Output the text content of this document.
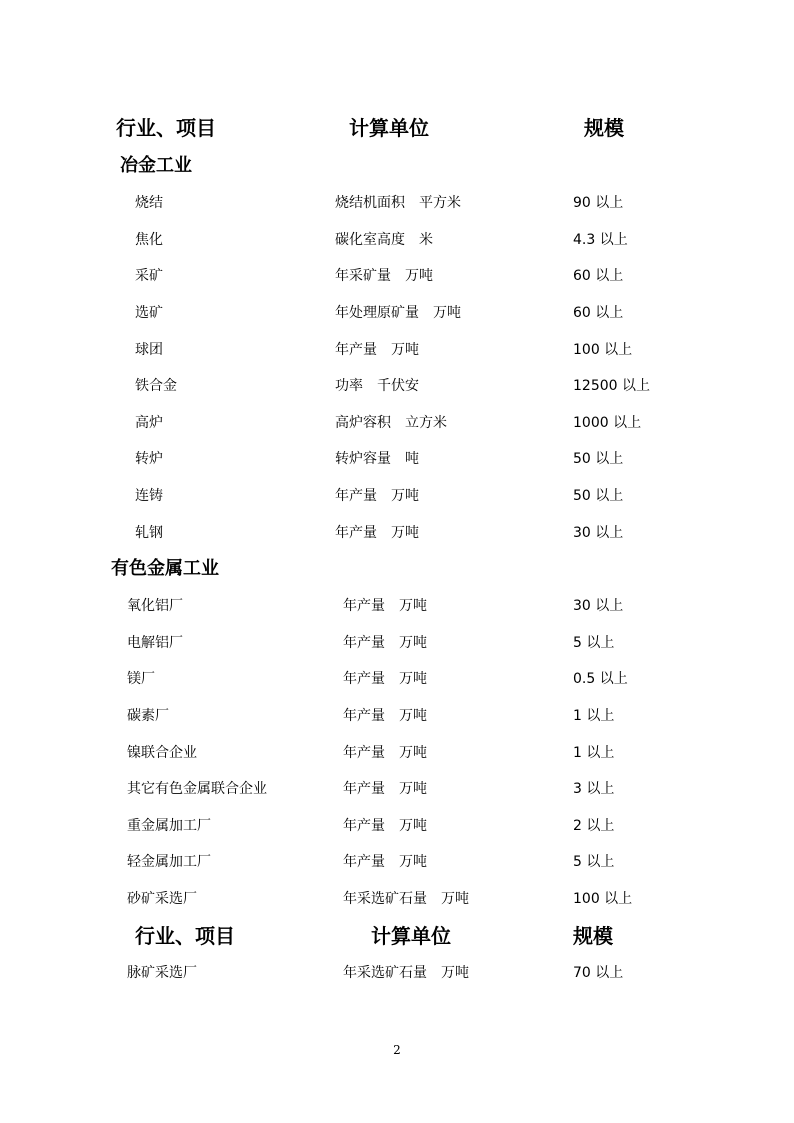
行业、项目	计算单位	规模
冶金工业
烧结	烧结机面积　平方米	90 以上
焦化	碳化室高度　米	4.3 以上
采矿	年采矿量　万吨	60 以上
选矿	年处理原矿量　万吨	60 以上
球团	年产量　万吨	100 以上
铁合金	功率　千伏安	12500 以上
高炉	高炉容积　立方米	1000 以上
转炉	转炉容量　吨	50 以上
连铸	年产量　万吨	50 以上
轧钢	年产量　万吨	30 以上
有色金属工业
氧化铝厂	年产量　万吨	30 以上
电解铝厂	年产量　万吨	5 以上
镁厂	年产量　万吨	0.5 以上
碳素厂	年产量　万吨	1 以上
镍联合企业	年产量　万吨	1 以上
其它有色金属联合企业	年产量　万吨	3 以上
重金属加工厂	年产量　万吨	2 以上
轻金属加工厂	年产量　万吨	5 以上
砂矿采选厂	年采选矿石量　万吨	100 以上
行业、项目	计算单位	规模
脉矿采选厂	年采选矿石量　万吨	70 以上
2
